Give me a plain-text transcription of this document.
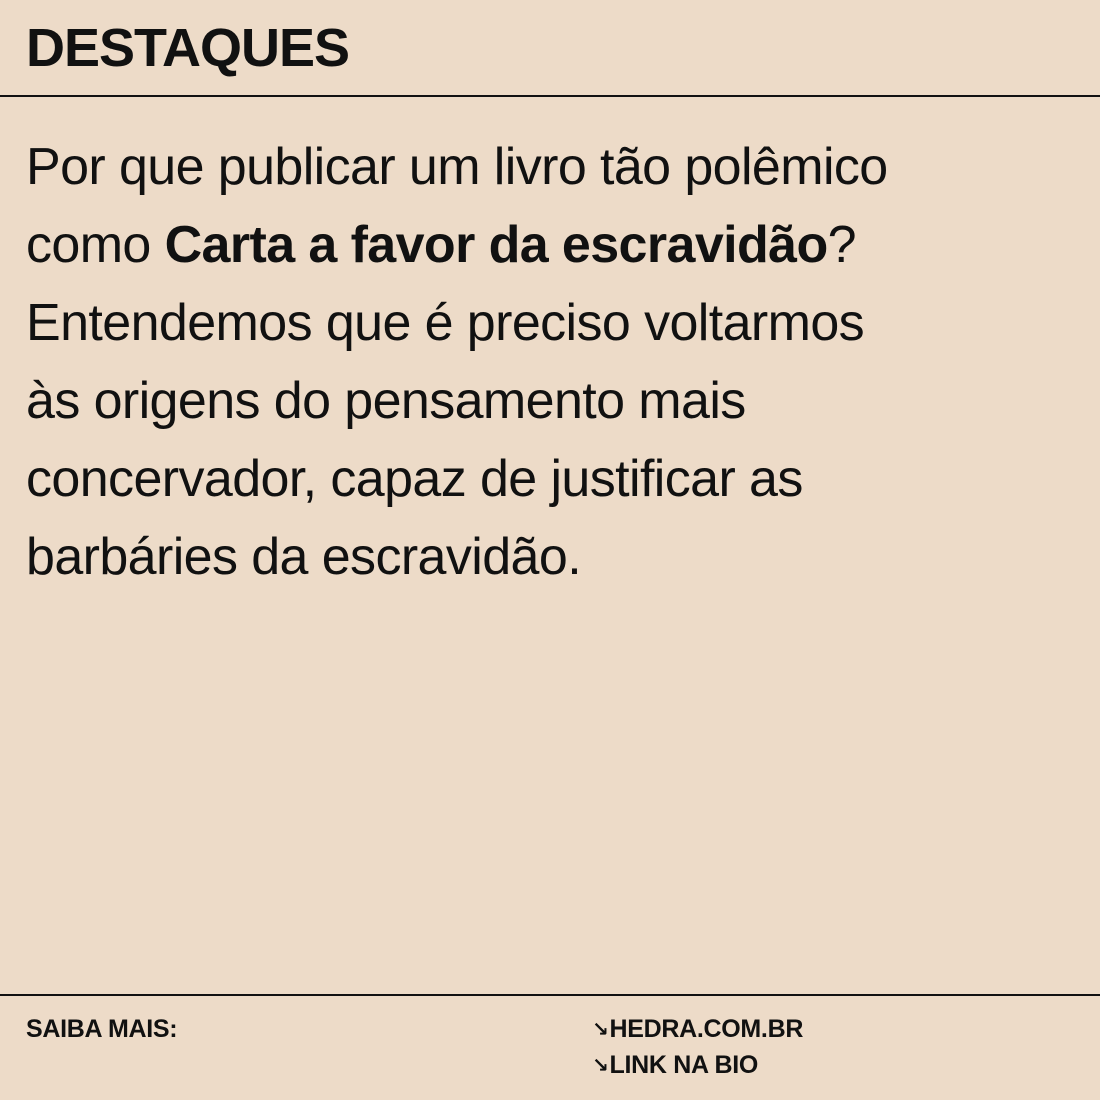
DESTAQUES

Por que publicar um livro tão polêmico
como Carta a favor da escravidão?
Entendemos que é preciso voltarmos
às origens do pensamento mais
concervador, capaz de justificar as
barbáries da escravidão.

SAIBA MAIS:	↘HEDRA.COM.BR
↘LINK NA BIO
